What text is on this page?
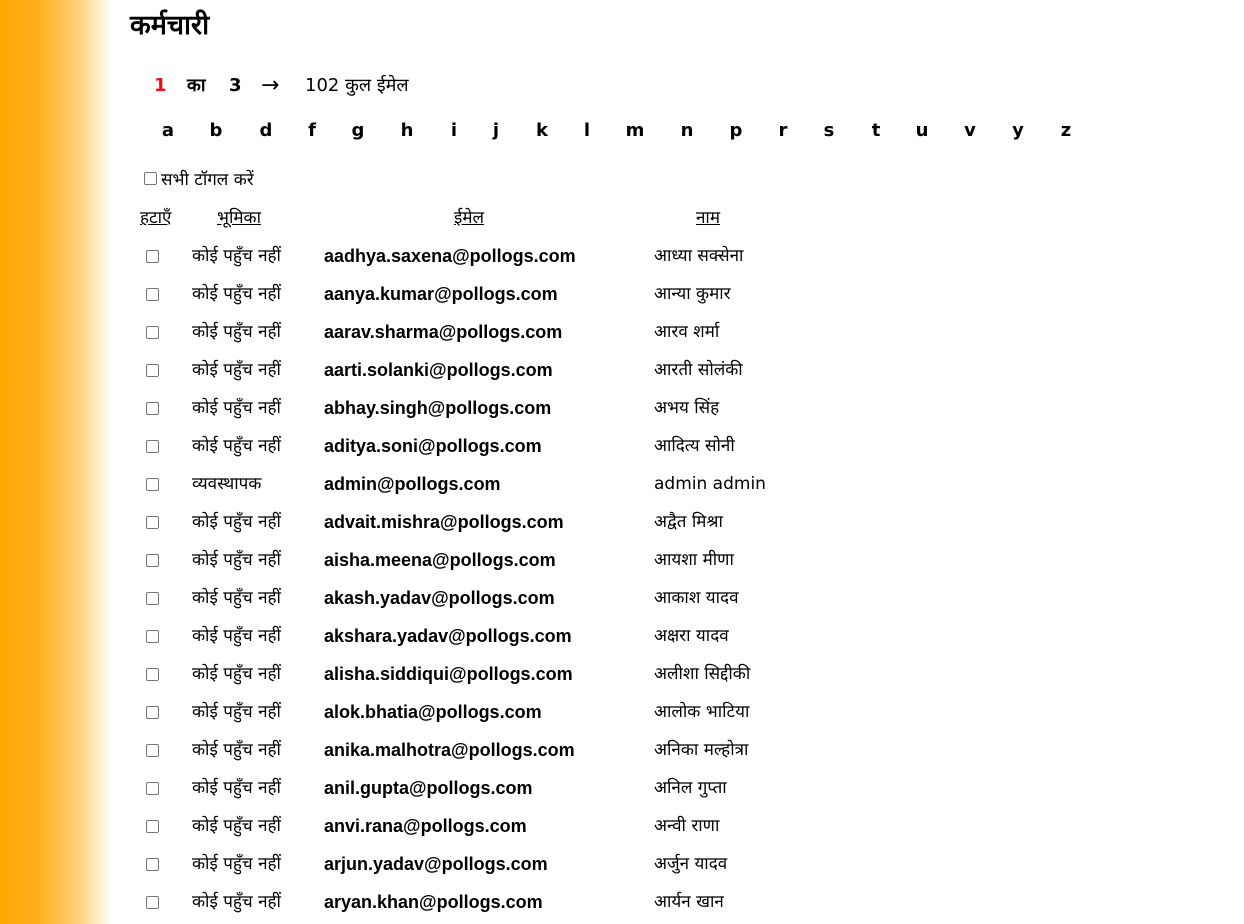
कर्मचारी
1 का 3 → 102 कुल ईमेल
a b d	f	g h	i	j	k	l	m n p	r	s	t	u v y z
सभी टॉगल करें
हटाएँ	भूमिका	ईमेल	नाम
कोई पहुँच नहीं aadhya.saxena@pollogs.com	आध्या सक्सेना
कोई पहुँच नहीं aanya.kumar@pollogs.com	आन्या कुमार
कोई पहुँच नहीं aarav.sharma@pollogs.com	आरव शर्मा
कोई पहुँच नहीं aarti.solanki@pollogs.com	आरती सोलंकी
कोई पहुँच नहीं abhay.singh@pollogs.com	अभय सिंह
कोई पहुँच नहीं aditya.soni@pollogs.com	आदित्य सोनी
व्यवस्थापक	admin@pollogs.com	admin admin
कोई पहुँच नहीं advait.mishra@pollogs.com	अद्वैत मिश्रा
कोई पहुँच नहीं aisha.meena@pollogs.com	आयशा मीणा
कोई पहुँच नहीं akash.yadav@pollogs.com	आकाश यादव
कोई पहुँच नहीं akshara.yadav@pollogs.com	अक्षरा यादव
कोई पहुँच नहीं alisha.siddiqui@pollogs.com	अलीशा सिद्दीकी
कोई पहुँच नहीं alok.bhatia@pollogs.com	आलोक भाटिया
कोई पहुँच नहीं anika.malhotra@pollogs.com	अनिका मल्होत्रा
कोई पहुँच नहीं anil.gupta@pollogs.com	अनिल गुप्ता
कोई पहुँच नहीं anvi.rana@pollogs.com	अन्वी राणा
कोई पहुँच नहीं arjun.yadav@pollogs.com	अर्जुन यादव
कोई पहुँच नहीं aryan.khan@pollogs.com	आर्यन खान
